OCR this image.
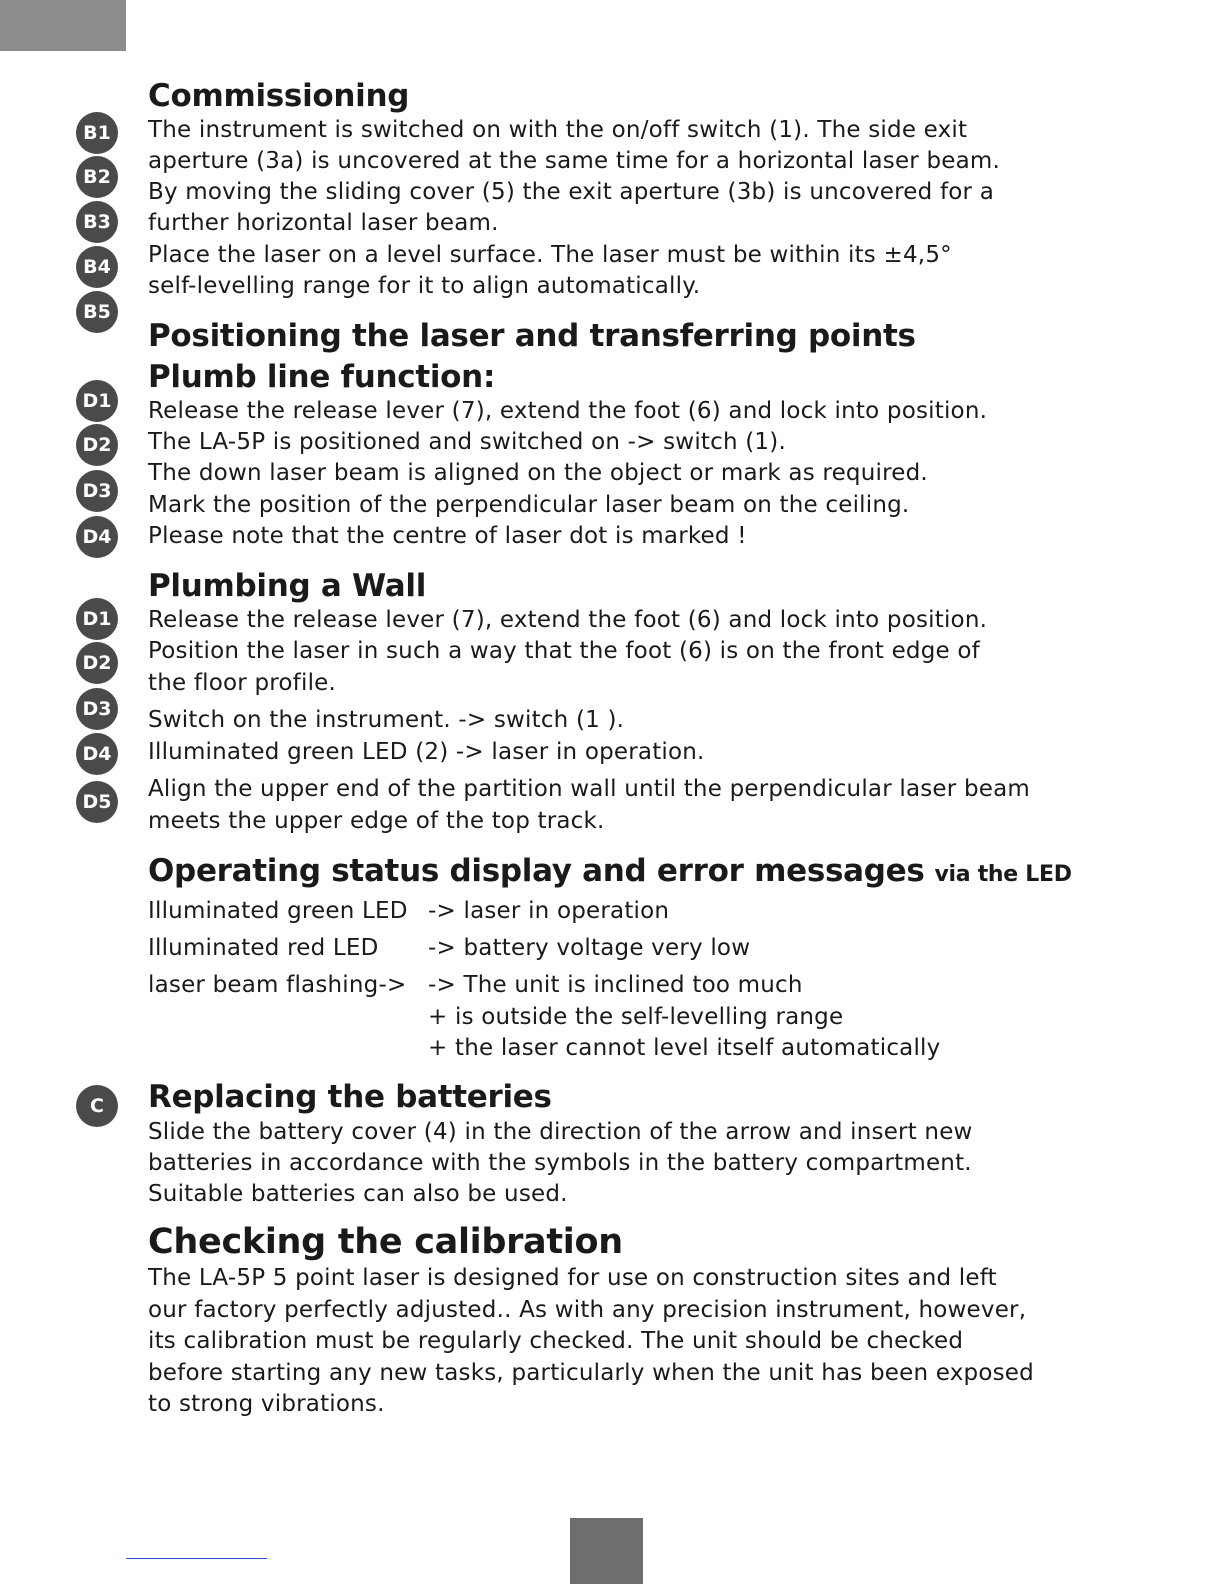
Commissioning
B1
B2
B3
B4
B5
The instrument is switched on with the on/off switch (1). The side exit
aperture (3a) is uncovered at the same time for a horizontal laser beam.
By moving the sliding cover (5) the exit aperture (3b) is uncovered for a
further horizontal laser beam.
Place the laser on a level surface. The laser must be within its ±4,5°
self-levelling range for it to align automatically.
Positioning the laser and transferring points
Plumb line function:
D1
D2
D3
D4
Release the release lever (7), extend the foot (6) and lock into position.
The LA-5P is positioned and switched on -> switch (1).
The down laser beam is aligned on the object or mark as required.
Mark the position of the perpendicular laser beam on the ceiling.
Please note that the centre of laser dot is marked !
Plumbing a Wall
D1
D2
D3
D4
D5
Release the release lever (7), extend the foot (6) and lock into position.
Position the laser in such a way that the foot (6) is on the front edge of
the floor profile.
Switch on the instrument. -> switch (1 ).
Illuminated green LED (2) -> laser in operation.
Align the upper end of the partition wall until the perpendicular laser beam
meets the upper edge of the top track.
Operating status display and error messages via the LED
Illuminated green LED -> laser in operation
Illuminated red LED -> battery voltage very low
laser beam flashing-> -> The unit is inclined too much
+ is outside the self-levelling range
+ the laser cannot level itself automatically
C	Replacing the batteries
Slide the battery cover (4) in the direction of the arrow and insert new
batteries in accordance with the symbols in the battery compartment.
Suitable batteries can also be used.
Checking the calibration
The LA-5P 5 point laser is designed for use on construction sites and left
our factory perfectly adjusted.. As with any precision instrument, however,
its calibration must be regularly checked. The unit should be checked
before starting any new tasks, particularly when the unit has been exposed
to strong vibrations.
